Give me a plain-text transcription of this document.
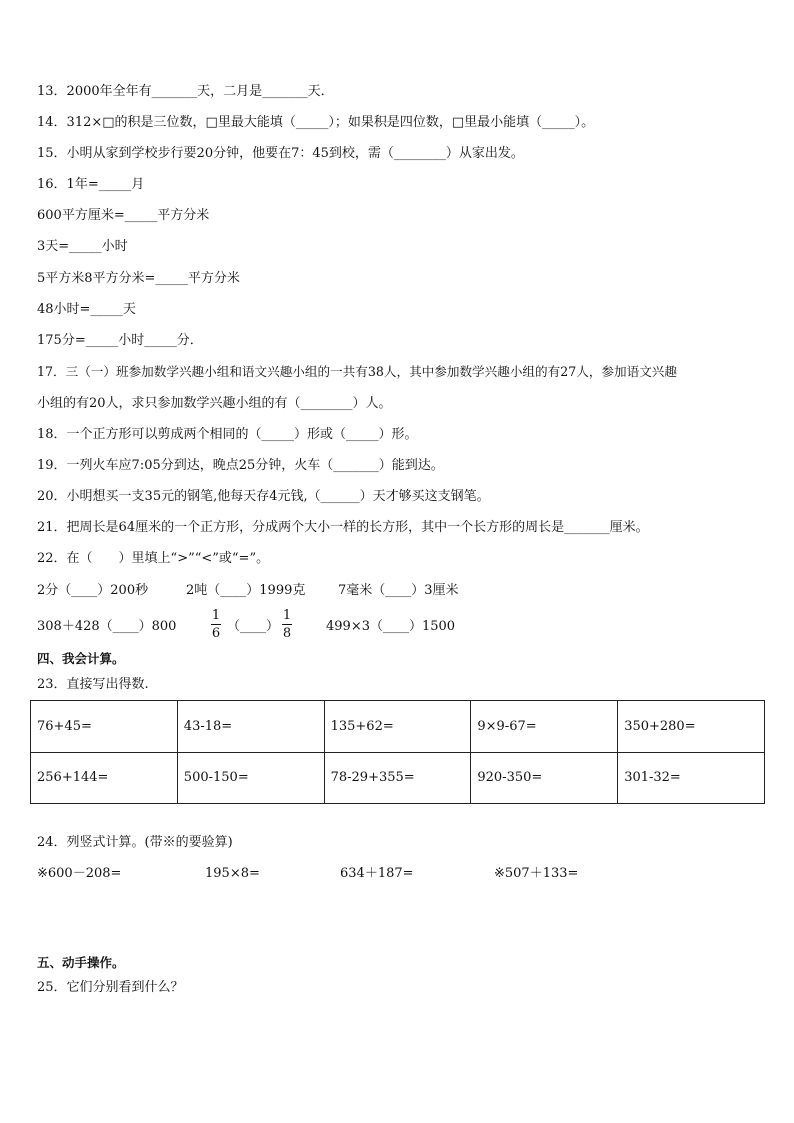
13．2000年全年有_______天，二月是_______天．
14．312×□的积是三位数，□里最大能填（_____）；如果积是四位数，□里最小能填（_____）。
15．小明从家到学校步行要20分钟，他要在7：45到校，需（________）从家出发。
16．1年=_____月
600平方厘米=_____平方分米
3天=_____小时
5平方米8平方分米=_____平方分米
48小时=_____天
175分=_____小时_____分．
17．三（一）班参加数学兴趣小组和语文兴趣小组的一共有38人，其中参加数学兴趣小组的有27人，参加语文兴趣
小组的有20人，求只参加数学兴趣小组的有（________）人。
18．一个正方形可以剪成两个相同的（_____）形或（_____）形。
19．一列火车应7:05分到达，晚点25分钟，火车（_______）能到达。
20．小明想买一支35元的钢笔,他每天存4元钱,（______）天才够买这支钢笔。
21．把周长是64厘米的一个正方形，分成两个大小一样的长方形，其中一个长方形的周长是_______厘米。
22．在（　　）里填上“>”“<”或“=”。
2分（____）200秒	2吨（____）1999克	7毫米（____）3厘米
308＋428（____）800
1
6 （____）
1
8	499×3（____）1500
四、我会计算。
23．直接写出得数.
76+45=	43-18=	135+62=	9×9-67=	350+280=
256+144=	500-150=	78-29+355=	920-350=	301-32=
24．列竖式计算。(带※的要验算)
※600－208=	195×8=	634＋187=	※507＋133=
五、动手操作。
25．它们分别看到什么？
